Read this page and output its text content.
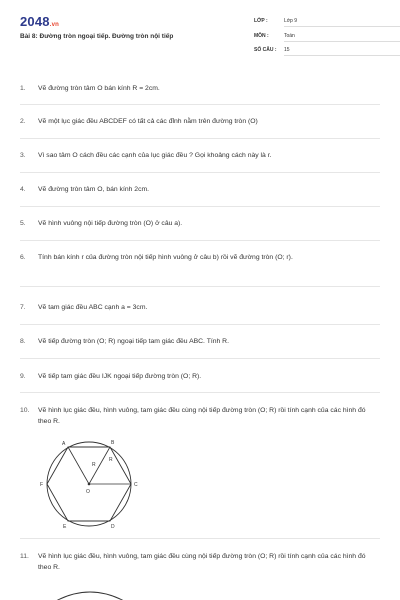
2048.vn
Bài 8: Đường tròn ngoại tiếp. Đường tròn nội tiếp
LỚP :	Lớp 9
MÔN :	Toán
SỐ CÂU : 15
1.	Vẽ đường tròn tâm O bán kính R = 2cm.
2.	Vẽ một lục giác đều ABCDEF có tất cả các đỉnh nằm trên đường tròn (O)
3.	Vì sao tâm O cách đều các cạnh của lục giác đều ? Gọi khoảng cách này là r.
4.	Vẽ đường tròn tâm O, bán kính 2cm.
5.	Vẽ hình vuông nội tiếp đường tròn (O) ở câu a).
6.	Tính bán kính r của đường tròn nội tiếp hình vuông ở câu b) rồi vẽ đường tròn (O; r).
7.	Vẽ tam giác đều ABC cạnh a = 3cm.
8.	Vẽ tiếp đường tròn (O; R) ngoại tiếp tam giác đều ABC. Tính R.
9.	Vẽ tiếp tam giác đều IJK ngoại tiếp đường tròn (O; R).
10.	Vẽ hình lục giác đều, hình vuông, tam giác đều cùng nội tiếp đường tròn (O; R) rồi tính cạnh của các hình đó theo R.
A	B
C
D
E
F
O
R
R
11.	Vẽ hình lục giác đều, hình vuông, tam giác đều cùng nội tiếp đường tròn (O; R) rồi tính cạnh của các hình đó theo R.
